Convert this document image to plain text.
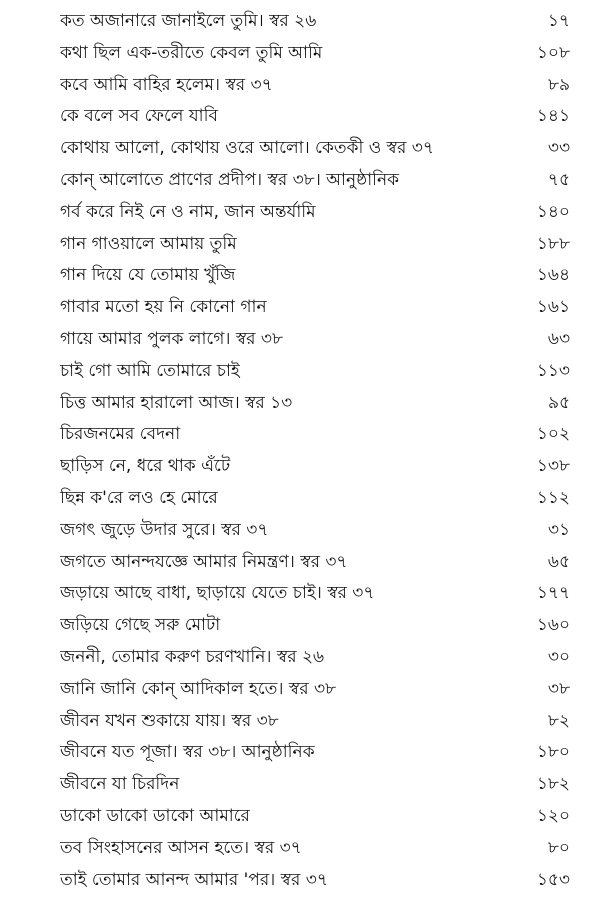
কত অজানারে জানাইলে তুমি। স্বর ২৬	১৭
কথা ছিল এক-তরীতে কেবল তুমি আমি	১০৮
কবে আমি বাহির হলেম। স্বর ৩৭	৮৯
কে বলে সব ফেলে যাবি	১৪১
কোথায় আলো, কোথায় ওরে আলো। কেতকী ও স্বর ৩৭	৩৩
কোন্ আলোতে প্রাণের প্রদীপ। স্বর ৩৮। আনুষ্ঠানিক	৭৫
গর্ব করে নিই নে ও নাম, জান অন্তর্যামি	১৪০
গান গাওয়ালে আমায় তুমি	১৮৮
গান দিয়ে যে তোমায় খুঁজি	১৬৪
গাবার মতো হয় নি কোনো গান	১৬১
গায়ে আমার পুলক লাগে। স্বর ৩৮	৬৩
চাই গো আমি তোমারে চাই	১১৩
চিত্ত আমার হারালো আজ। স্বর ১৩	৯৫
চিরজনমের বেদনা	১০২
ছাড়িস নে, ধরে থাক এঁটে	১৩৮
ছিন্ন ক'রে লও হে মোরে	১১২
জগৎ জুড়ে উদার সুরে। স্বর ৩৭	৩১
জগতে আনন্দযজ্ঞে আমার নিমন্ত্রণ। স্বর ৩৭	৬৫
জড়ায়ে আছে বাধা, ছাড়ায়ে যেতে চাই। স্বর ৩৭	১৭৭
জড়িয়ে গেছে সরু মোটা	১৬০
জননী, তোমার করুণ চরণখানি। স্বর ২৬	৩০
জানি জানি কোন্ আদিকাল হতে। স্বর ৩৮	৩৮
জীবন যখন শুকায়ে যায়। স্বর ৩৮	৮২
জীবনে যত পূজা। স্বর ৩৮। আনুষ্ঠানিক	১৮০
জীবনে যা চিরদিন	১৮২
ডাকো ডাকো ডাকো আমারে	১২০
তব সিংহাসনের আসন হতে। স্বর ৩৭	৮০
তাই তোমার আনন্দ আমার 'পর। স্বর ৩৭	১৫৩
